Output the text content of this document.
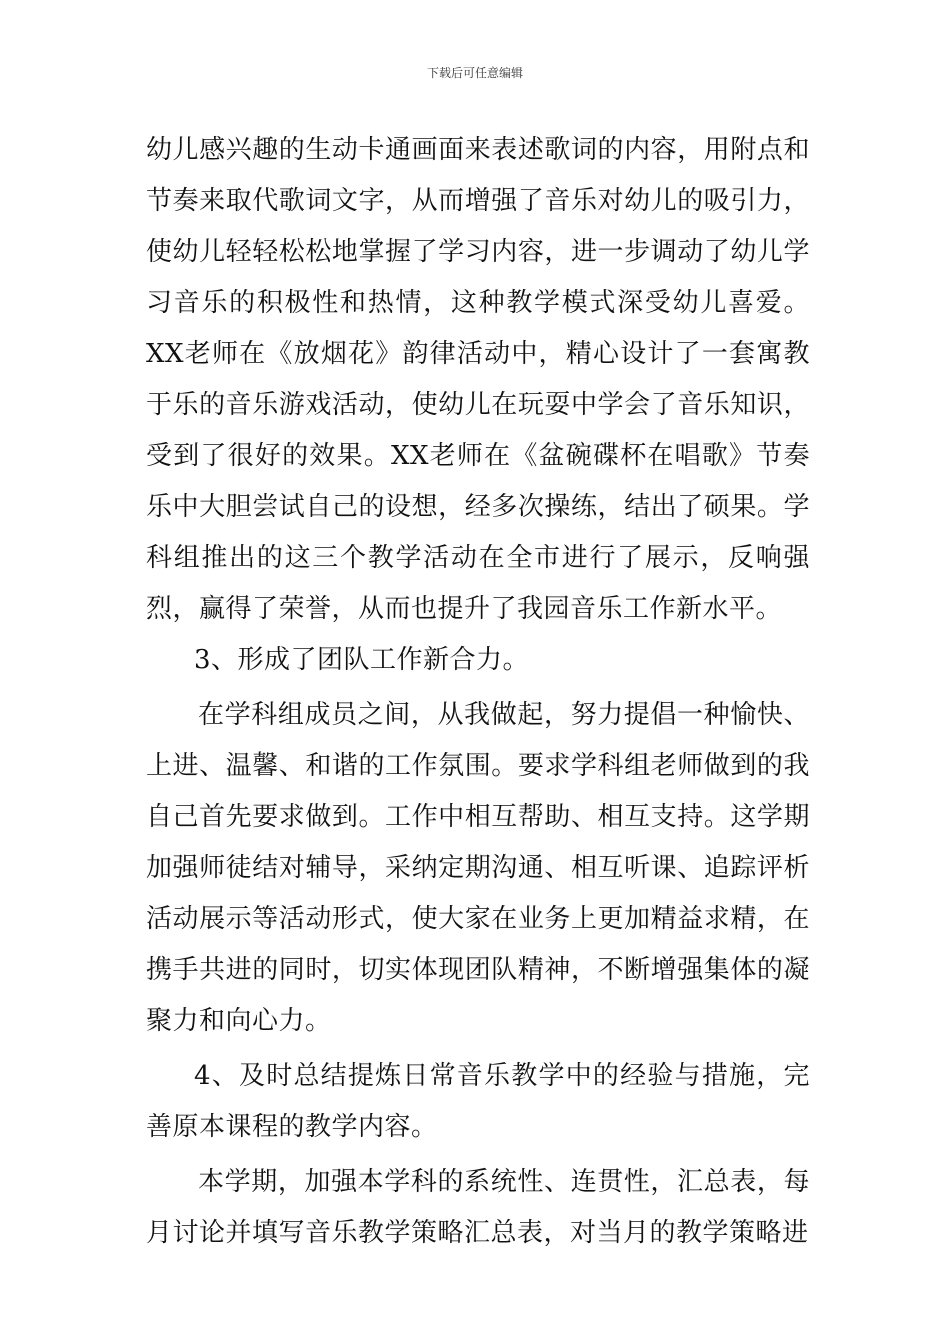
下载后可任意编辑

幼儿感兴趣的生动卡通画面来表述歌词的内容，用附点和节奏来取代歌词文字，从而增强了音乐对幼儿的吸引力，使幼儿轻轻松松地掌握了学习内容，进一步调动了幼儿学习音乐的积极性和热情，这种教学模式深受幼儿喜爱。XX老师在《放烟花》韵律活动中，精心设计了一套寓教于乐的音乐游戏活动，使幼儿在玩耍中学会了音乐知识，受到了很好的效果。XX老师在《盆碗碟杯在唱歌》节奏乐中大胆尝试自己的设想，经多次操练，结出了硕果。学科组推出的这三个教学活动在全市进行了展示，反响强烈，赢得了荣誉，从而也提升了我园音乐工作新水平。

3、形成了团队工作新合力。

在学科组成员之间，从我做起，努力提倡一种愉快、上进、温馨、和谐的工作氛围。要求学科组老师做到的我自己首先要求做到。工作中相互帮助、相互支持。这学期加强师徒结对辅导，采纳定期沟通、相互听课、追踪评析活动展示等活动形式，使大家在业务上更加精益求精，在携手共进的同时，切实体现团队精神，不断增强集体的凝聚力和向心力。

4、及时总结提炼日常音乐教学中的经验与措施，完善原本课程的教学内容。

本学期，加强本学科的系统性、连贯性，汇总表，每月讨论并填写音乐教学策略汇总表，对当月的教学策略进
